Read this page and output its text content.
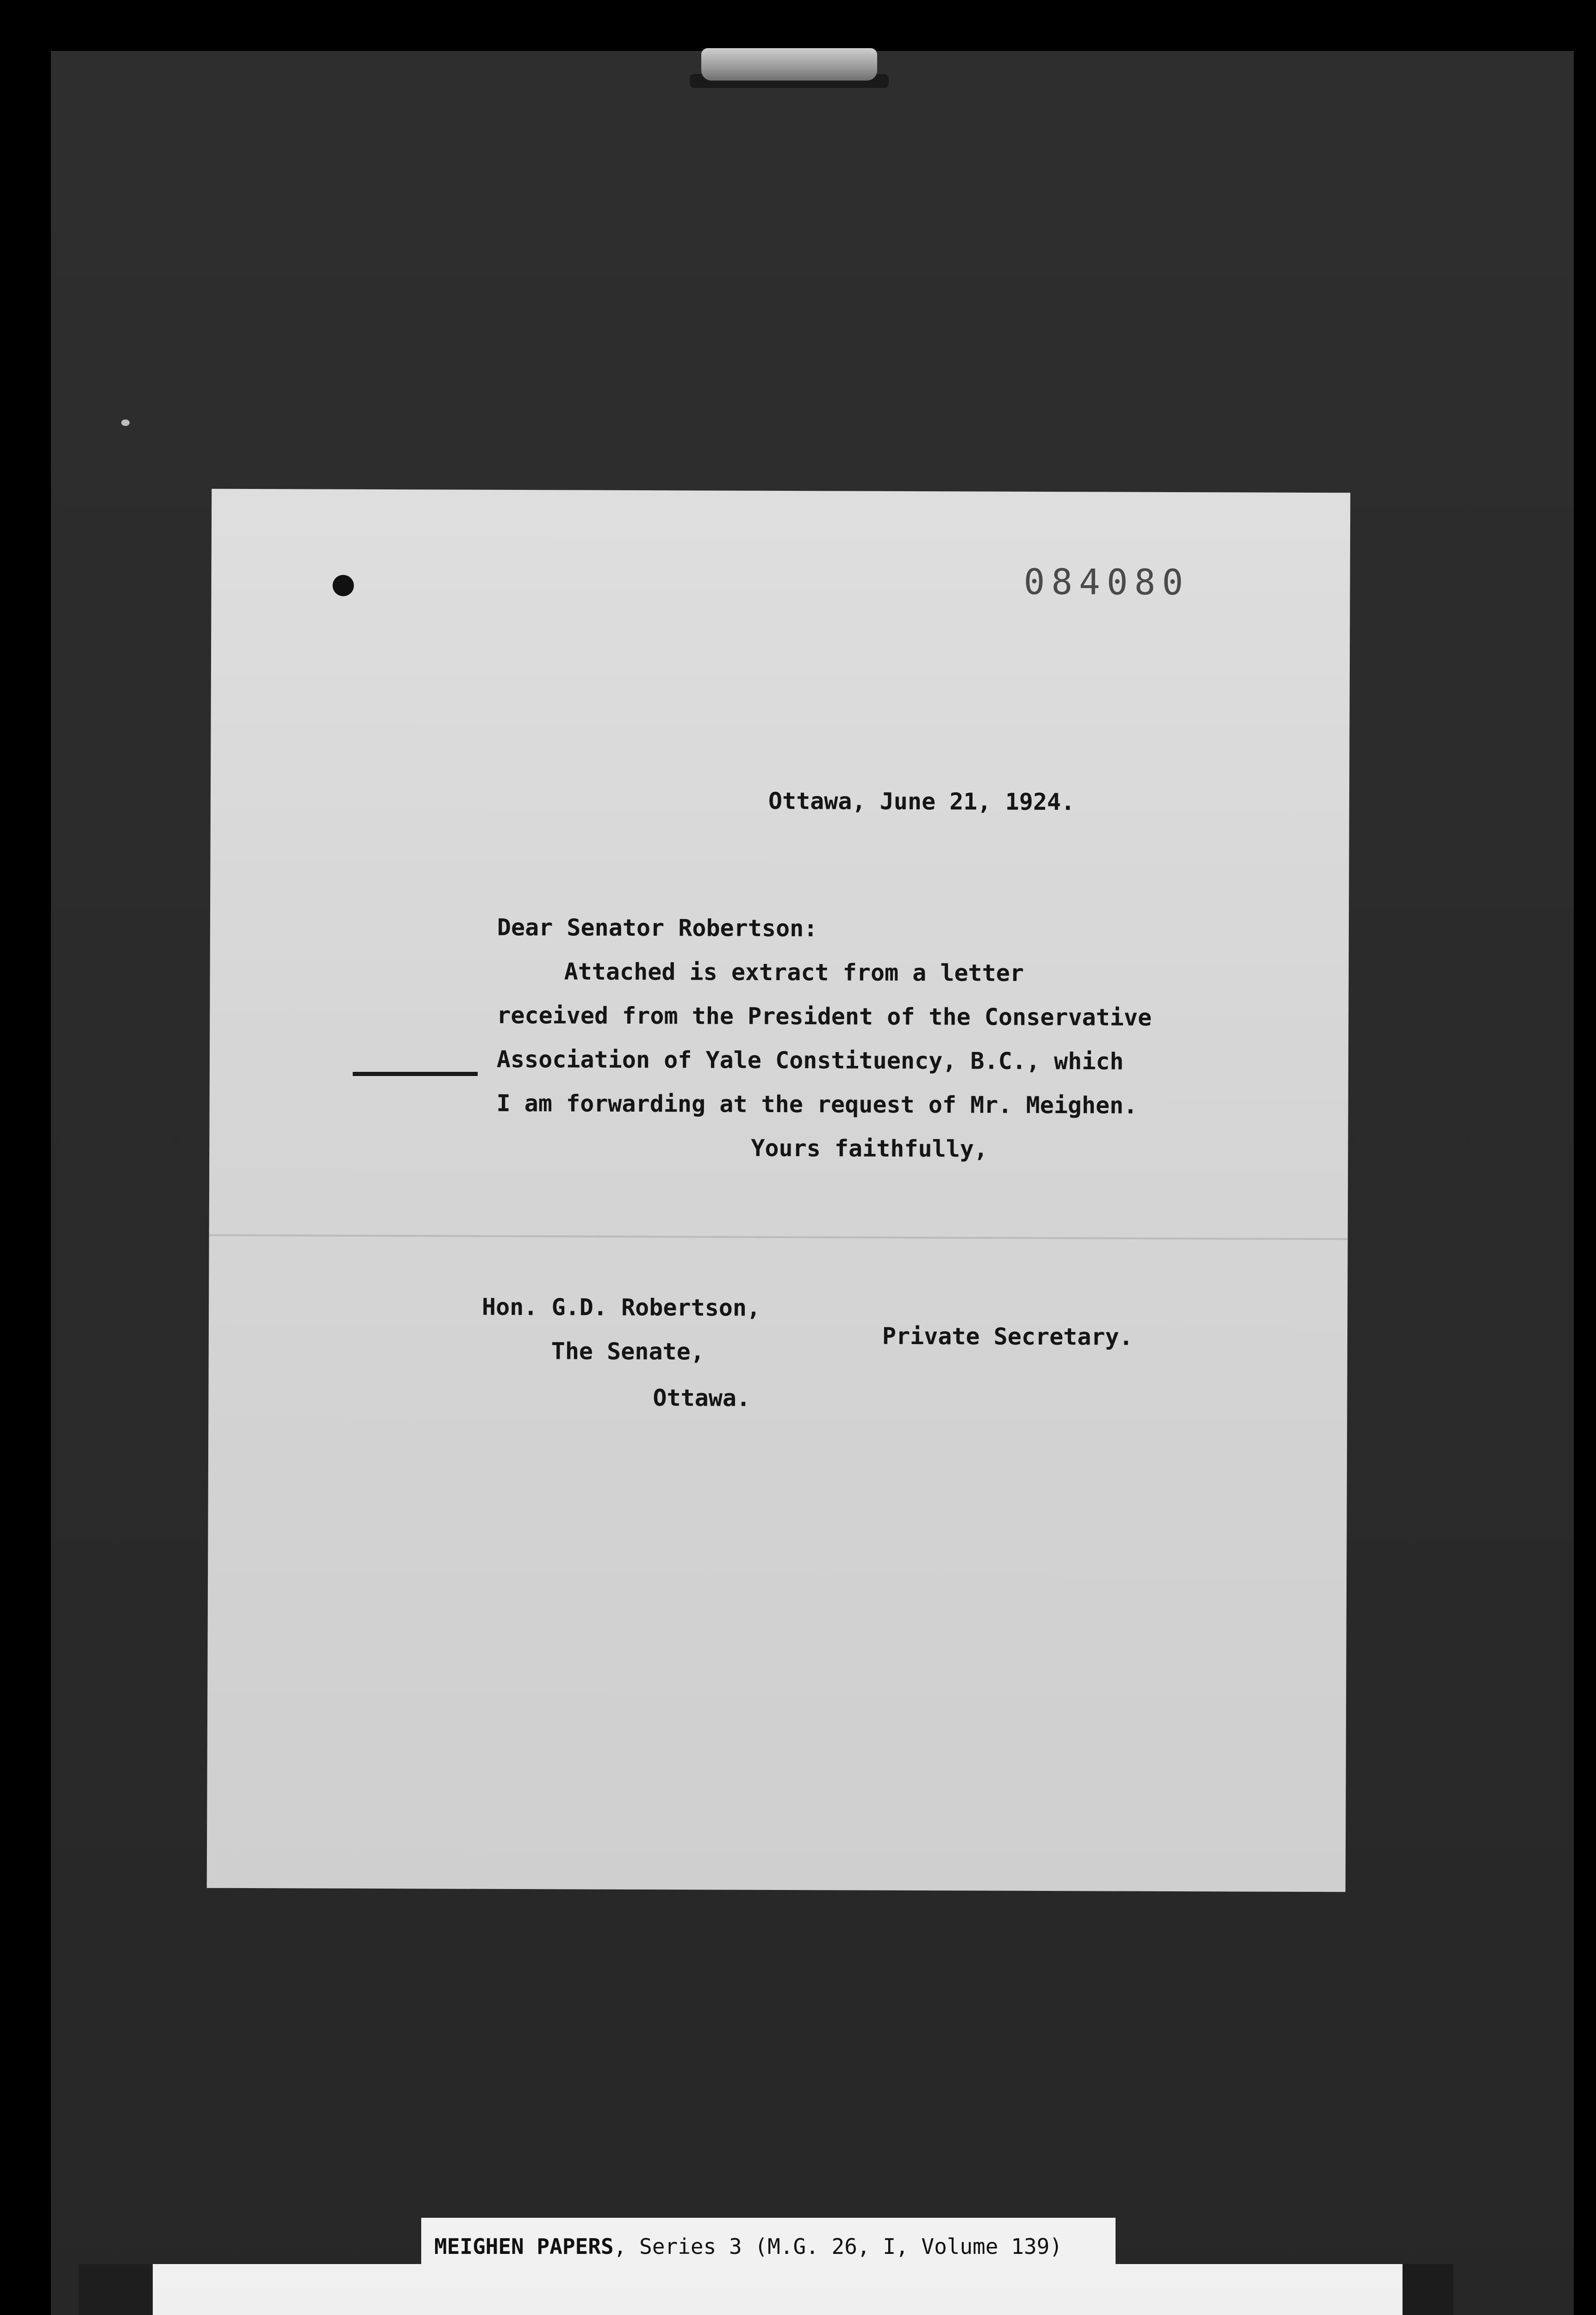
084080
Ottawa, June 21, 1924.
Dear Senator Robertson:
Attached is extract from a letter
received from the President of the Conservative
Association of Yale Constituency, B.C., which
I am forwarding at the request of Mr. Meighen.
Yours faithfully,
Hon. G.D. Robertson,
The Senate,
Ottawa.
Private Secretary.
MEIGHEN PAPERS, Series 3 (M.G. 26, I, Volume 139)
